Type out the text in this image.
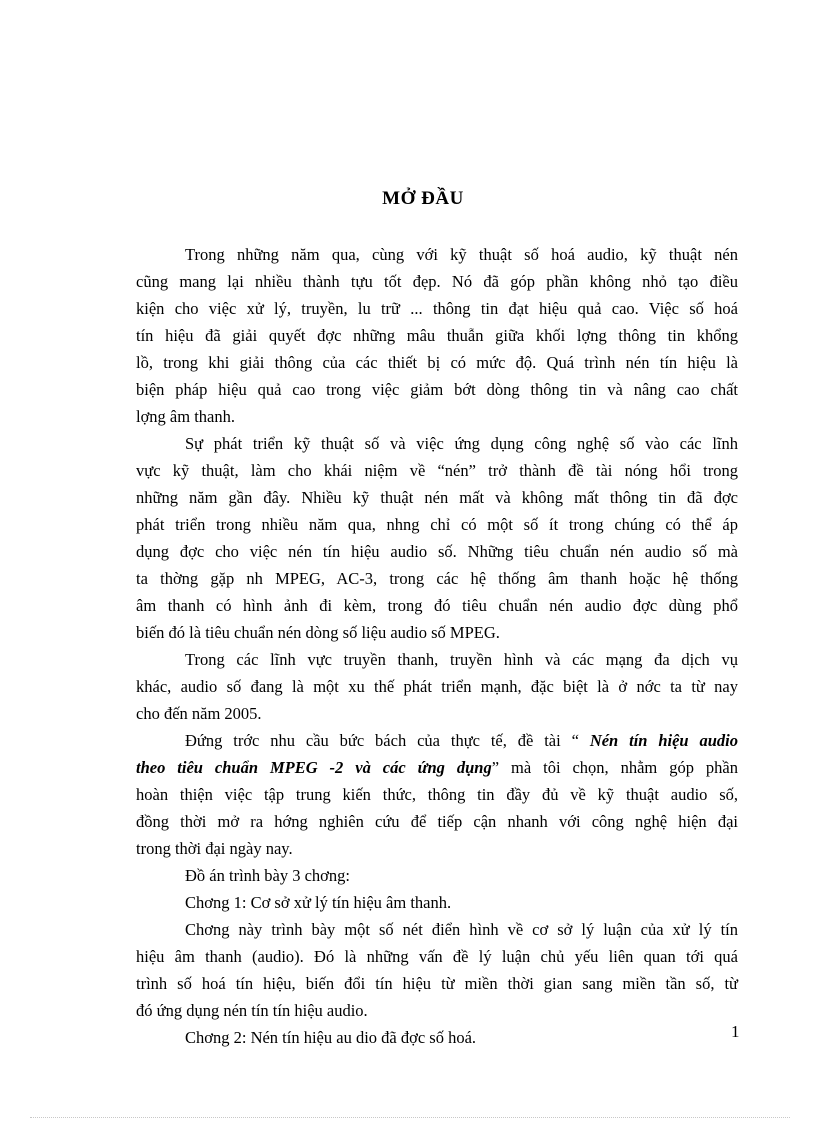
MỞ ĐẦU
Trong những năm qua, cùng với kỹ thuật số hoá audio, kỹ thuật nén
cũng mang lại nhiều thành tựu tốt đẹp. Nó đã góp phần không nhỏ tạo điều
kiện cho việc xử lý, truyền, lu trữ ... thông tin đạt hiệu quả cao. Việc số hoá
tín hiệu đã giải quyết đợc những mâu thuẫn giữa khối lợng thông tin khổng
lồ, trong khi giải thông của các thiết bị có mức độ. Quá trình nén tín hiệu là
biện pháp hiệu quả cao trong việc giảm bớt dòng thông tin và nâng cao chất
lợng âm thanh.
Sự phát triển kỹ thuật số và việc ứng dụng công nghệ số vào các lĩnh
vực kỹ thuật, làm cho khái niệm về “nén” trở thành đề tài nóng hổi trong
những năm gần đây. Nhiều kỹ thuật nén mất và không mất thông tin đã đợc
phát triển trong nhiều năm qua, nhng chỉ có một số ít trong chúng có thể áp
dụng đợc cho việc nén tín hiệu audio số. Những tiêu chuẩn nén audio số mà
ta thờng gặp nh MPEG, AC-3, trong các hệ thống âm thanh hoặc hệ thống
âm thanh có hình ảnh đi kèm, trong đó tiêu chuẩn nén audio đợc dùng phổ
biến đó là tiêu chuẩn nén dòng số liệu audio số MPEG.
Trong các lĩnh vực truyền thanh, truyền hình và các mạng đa dịch vụ
khác, audio số đang là một xu thế phát triển mạnh, đặc biệt là ở nớc ta từ nay
cho đến năm 2005.
Đứng trớc nhu cầu bức bách của thực tế, đề tài “ Nén tín hiệu audio
theo tiêu chuẩn MPEG -2 và các ứng dụng” mà tôi chọn, nhằm góp phần
hoàn thiện việc tập trung kiến thức, thông tin đầy đủ về kỹ thuật audio số,
đồng thời mở ra hớng nghiên cứu để tiếp cận nhanh với công nghệ hiện đại
trong thời đại ngày nay.
Đồ án trình bày 3 chơng:
Chơng 1: Cơ sở xử lý tín hiệu âm thanh.
Chơng này trình bày một số nét điển hình về cơ sở lý luận của xử lý tín
hiệu âm thanh (audio). Đó là những vấn đề lý luận chủ yếu liên quan tới quá
trình số hoá tín hiệu, biến đổi tín hiệu từ miền thời gian sang miền tần số, từ
đó ứng dụng nén tín tín hiệu audio.
Chơng 2: Nén tín hiệu au dio đã đợc số hoá.	1
